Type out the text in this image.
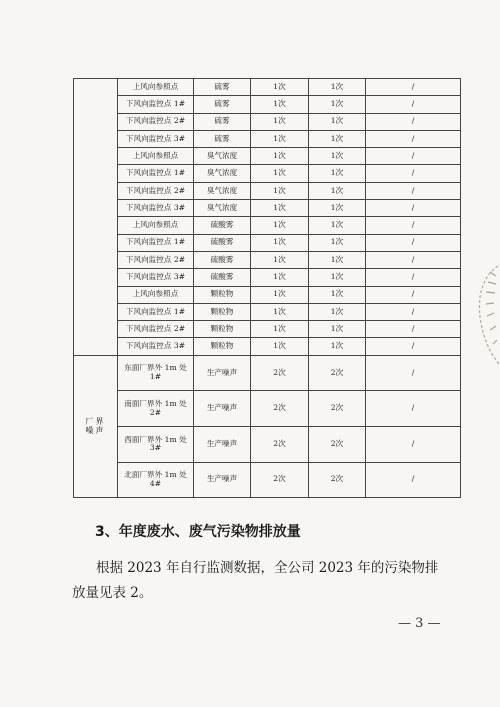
	上风向参照点	硫雾	1次	1次	/
	下风向监控点 1#	硫雾	1次	1次	/
	下风向监控点 2#	硫雾	1次	1次	/
	下风向监控点 3#	硫雾	1次	1次	/
	上风向参照点	臭气浓度	1次	1次	/
	下风向监控点 1#	臭气浓度	1次	1次	/
	下风向监控点 2#	臭气浓度	1次	1次	/
	下风向监控点 3#	臭气浓度	1次	1次	/
	上风向参照点	硫酸雾	1次	1次	/
	下风向监控点 1#	硫酸雾	1次	1次	/
	下风向监控点 2#	硫酸雾	1次	1次	/
	下风向监控点 3#	硫酸雾	1次	1次	/
	上风向参照点	颗粒物	1次	1次	/
	下风向监控点 1#	颗粒物	1次	1次	/
	下风向监控点 2#	颗粒物	1次	1次	/
	下风向监控点 3#	颗粒物	1次	1次	/
厂界噪声	东面厂界外 1m 处 1#	生产噪声	2次	2次	/
	南面厂界外 1m 处 2#	生产噪声	2次	2次	/
	西面厂界外 1m 处 3#	生产噪声	2次	2次	/
	北面厂界外 1m 处 4#	生产噪声	2次	2次	/
3、年度废水、废气污染物排放量

根据 2023 年自行监测数据，全公司 2023 年的污染物排放量见表 2。

— 3 —
